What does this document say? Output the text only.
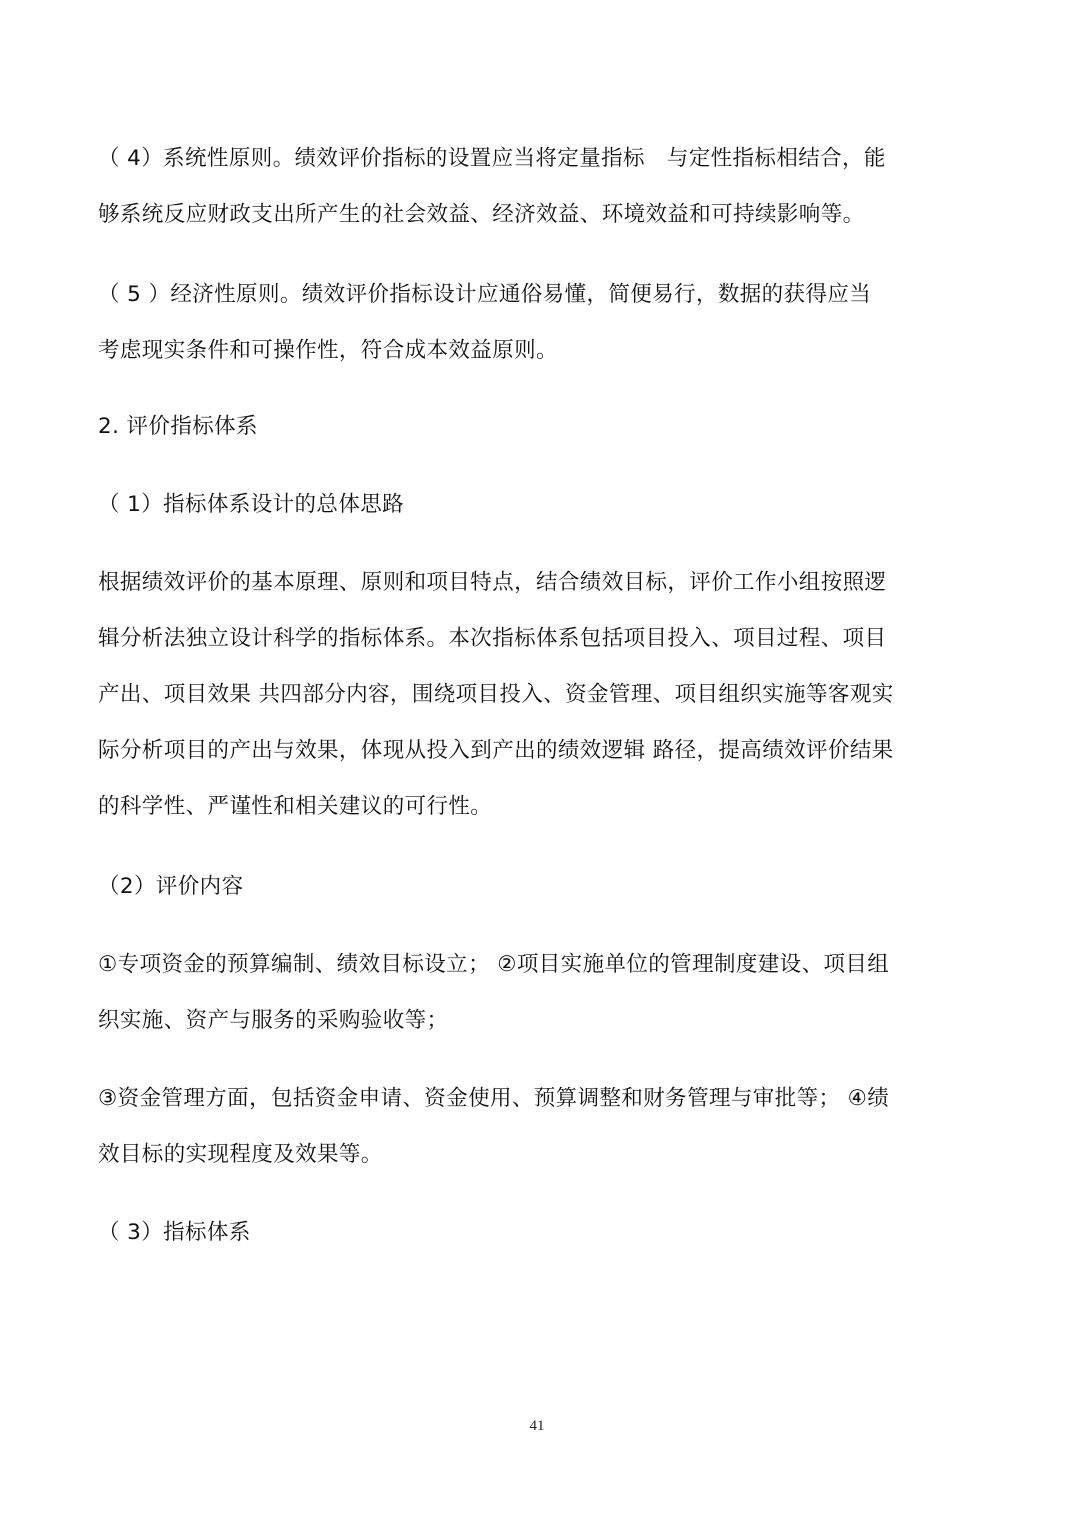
（ 4）系统性原则。绩效评价指标的设置应当将定量指标　与定性指标相结合，能
够系统反应财政支出所产生的社会效益、经济效益、环境效益和可持续影响等。
（ 5 ）经济性原则。绩效评价指标设计应通俗易懂，简便易行，数据的获得应当
考虑现实条件和可操作性，符合成本效益原则。
2. 评价指标体系
（ 1）指标体系设计的总体思路
根据绩效评价的基本原理、原则和项目特点，结合绩效目标，评价工作小组按照逻
辑分析法独立设计科学的指标体系。本次指标体系包括项目投入、项目过程、项目
产出、项目效果 共四部分内容，围绕项目投入、资金管理、项目组织实施等客观实
际分析项目的产出与效果，体现从投入到产出的绩效逻辑 路径，提高绩效评价结果
的科学性、严谨性和相关建议的可行性。
（2）评价内容
①专项资金的预算编制、绩效目标设立； ②项目实施单位的管理制度建设、项目组
织实施、资产与服务的采购验收等；
③资金管理方面，包括资金申请、资金使用、预算调整和财务管理与审批等； ④绩
效目标的实现程度及效果等。
（ 3）指标体系
41
